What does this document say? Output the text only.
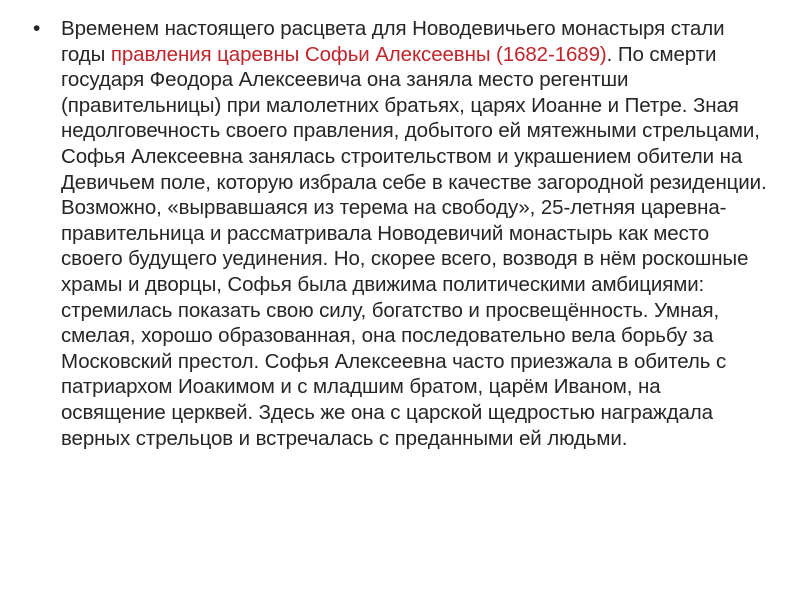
•	Временем настоящего расцвета для Новодевичьего монастыря стали годы правления царевны Софьи Алексеевны (1682-1689). По смерти государя Феодора Алексеевича она заняла место регентши (правительницы) при малолетних братьях, царях Иоанне и Петре. Зная недолговечность своего правления, добытого ей мятежными стрельцами, Софья Алексеевна занялась строительством и украшением обители на Девичьем поле, которую избрала себе в качестве загородной резиденции. Возможно, «вырвавшаяся из терема на свободу», 25-летняя царевна-правительница и рассматривала Новодевичий монастырь как место своего будущего уединения. Но, скорее всего, возводя в нём роскошные храмы и дворцы, Софья была движима политическими амбициями: стремилась показать свою силу, богатство и просвещённость. Умная, смелая, хорошо образованная, она последовательно вела борьбу за Московский престол. Софья Алексеевна часто приезжала в обитель с патриархом Иоакимом и с младшим братом, царём Иваном, на освящение церквей. Здесь же она с царской щедростью награждала верных стрельцов и встречалась с преданными ей людьми.
